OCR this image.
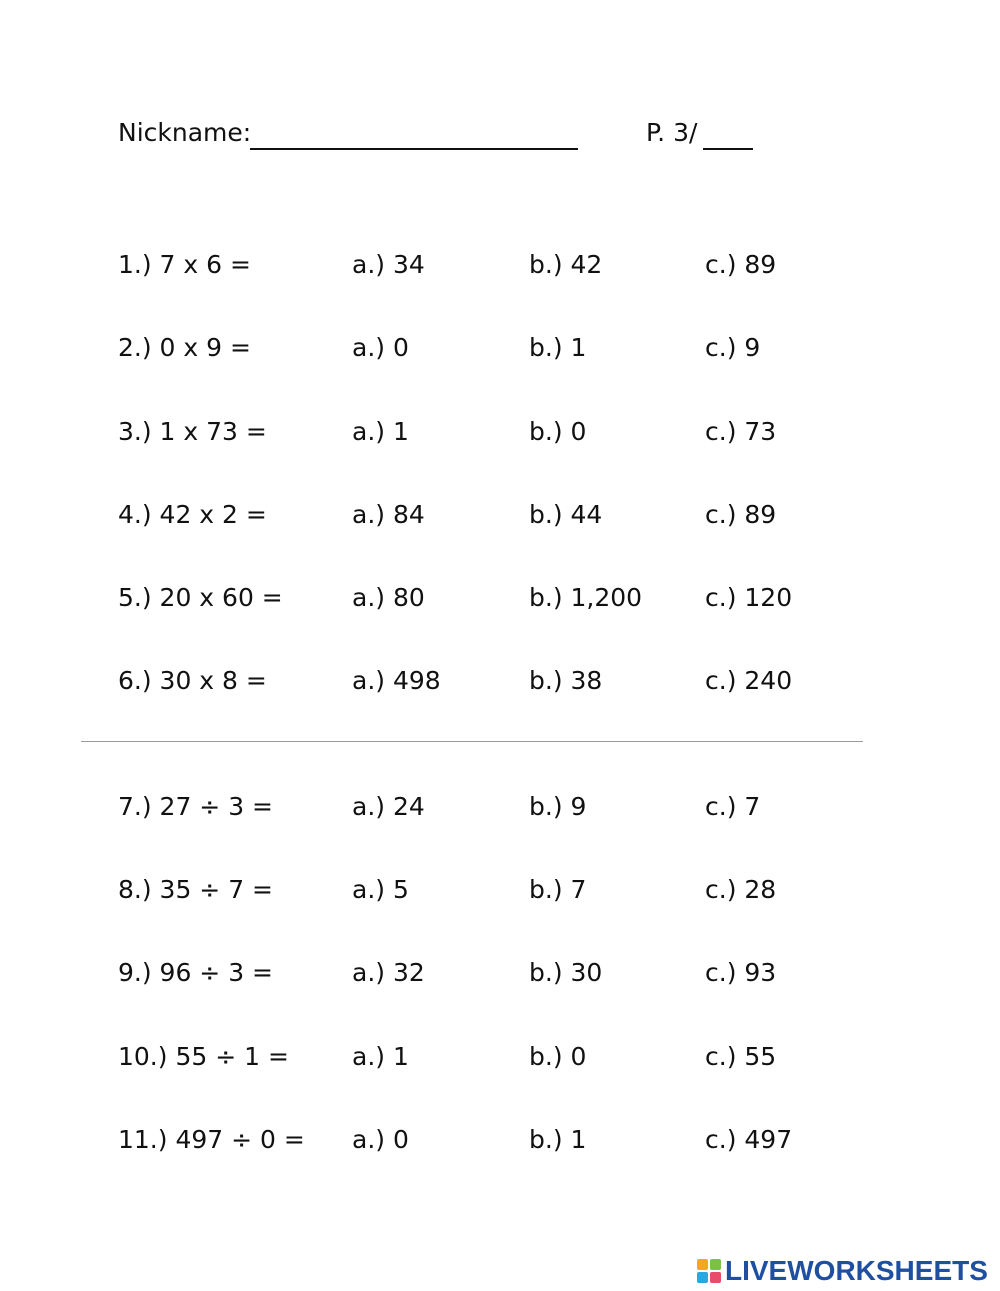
Nickname:	P. 3/
1.) 7 x 6 =	a.) 34	b.) 42	c.) 89
2.) 0 x 9 =	a.) 0	b.) 1	c.) 9
3.) 1 x 73 =	a.) 1	b.) 0	c.) 73
4.) 42 x 2 =	a.) 84	b.) 44	c.) 89
5.) 20 x 60 =	a.) 80	b.) 1,200	c.) 120
6.) 30 x 8 =	a.) 498	b.) 38	c.) 240
7.) 27 ÷ 3 =	a.) 24	b.) 9	c.) 7
8.) 35 ÷ 7 =	a.) 5	b.) 7	c.) 28
9.) 96 ÷ 3 =	a.) 32	b.) 30	c.) 93
10.) 55 ÷ 1 =	a.) 1	b.) 0	c.) 55
11.) 497 ÷ 0 = a.) 0	b.) 1	c.) 497
LIVEWORKSHEETS
